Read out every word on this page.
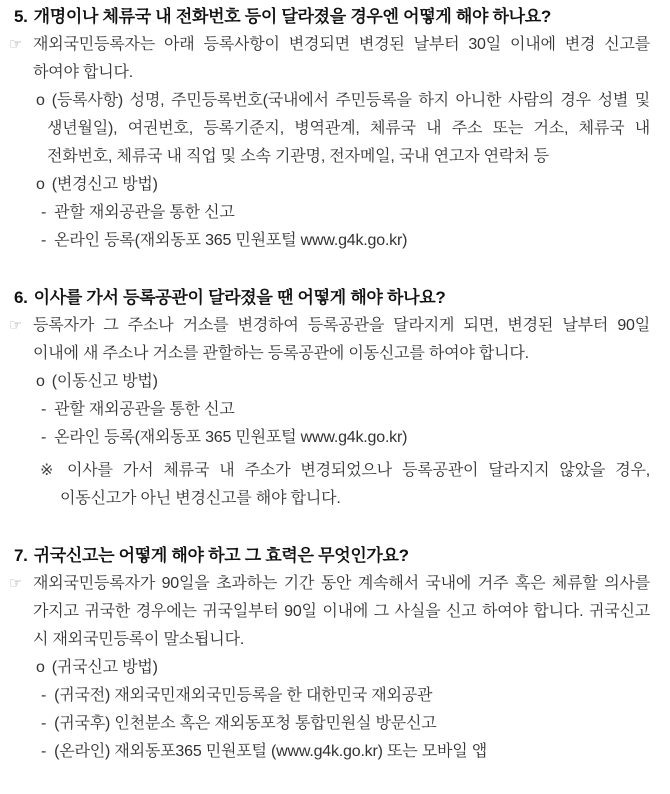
5. 개명이나 체류국 내 전화번호 등이 달라졌을 경우엔 어떻게 해야 하나요?
☞ 재외국민등록자는 아래 등록사항이 변경되면 변경된 날부터 30일 이내에 변경 신고를 하여야 합니다.
o (등록사항) 성명, 주민등록번호(국내에서 주민등록을 하지 아니한 사람의 경우 성별 및 생년월일), 여권번호, 등록기준지, 병역관계, 체류국 내 주소 또는 거소, 체류국 내 전화번호, 체류국 내 직업 및 소속 기관명, 전자메일, 국내 연고자 연락처 등
o (변경신고 방법)
- 관할 재외공관을 통한 신고
- 온라인 등록(재외동포 365 민원포털 www.g4k.go.kr)
6. 이사를 가서 등록공관이 달라졌을 땐 어떻게 해야 하나요?
☞ 등록자가 그 주소나 거소를 변경하여 등록공관을 달라지게 되면, 변경된 날부터 90일 이내에 새 주소나 거소를 관할하는 등록공관에 이동신고를 하여야 합니다.
o (이동신고 방법)
- 관할 재외공관을 통한 신고
- 온라인 등록(재외동포 365 민원포털 www.g4k.go.kr)
※ 이사를 가서 체류국 내 주소가 변경되었으나 등록공관이 달라지지 않았을 경우, 이동신고가 아닌 변경신고를 해야 합니다.
7. 귀국신고는 어떻게 해야 하고 그 효력은 무엇인가요?
☞ 재외국민등록자가 90일을 초과하는 기간 동안 계속해서 국내에 거주 혹은 체류할 의사를 가지고 귀국한 경우에는 귀국일부터 90일 이내에 그 사실을 신고 하여야 합니다. 귀국신고 시 재외국민등록이 말소됩니다.
o (귀국신고 방법)
- (귀국전) 재외국민재외국민등록을 한 대한민국 재외공관
- (귀국후) 인천분소 혹은 재외동포청 통합민원실 방문신고
- (온라인) 재외동포365 민원포털 (www.g4k.go.kr) 또는 모바일 앱
